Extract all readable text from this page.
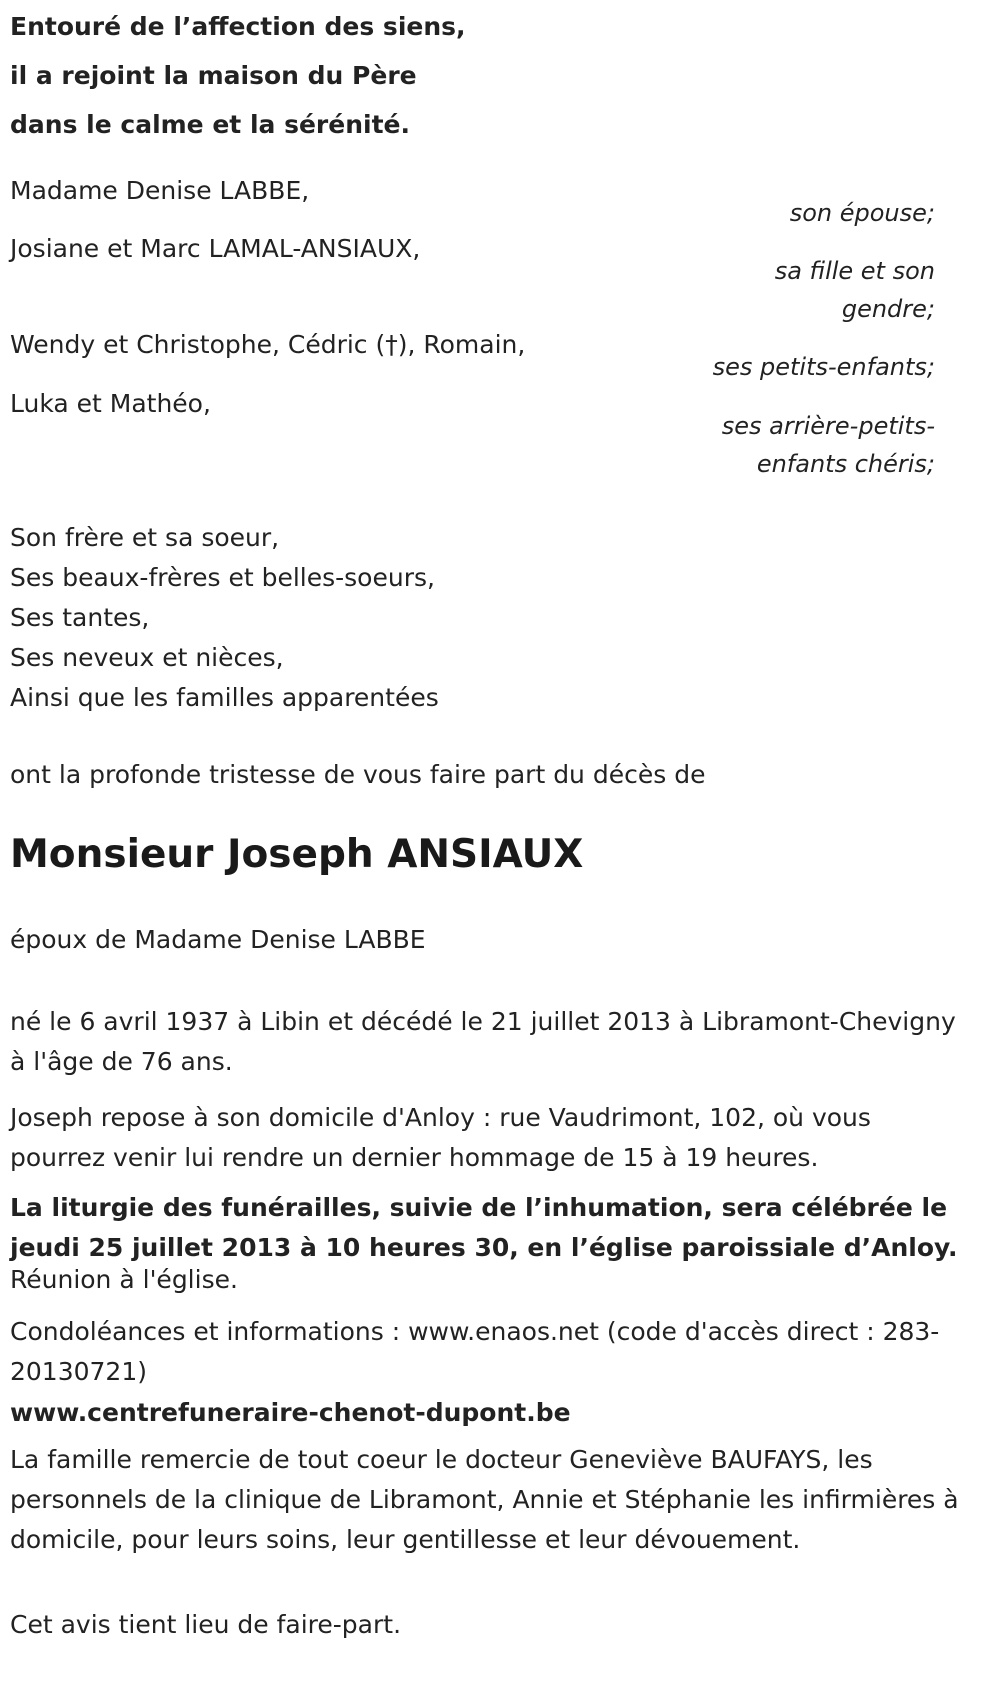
Entouré de l’affection des siens,
il a rejoint la maison du Père
dans le calme et la sérénité.

Madame Denise LABBE,

son épouse;

Josiane et Marc LAMAL-ANSIAUX,

sa fille et son gendre;

Wendy et Christophe, Cédric (†), Romain,

ses petits-enfants;

Luka et Mathéo,

ses arrière-petits-enfants chéris;

Son frère et sa soeur,
Ses beaux-frères et belles-soeurs,
Ses tantes,
Ses neveux et nièces,
Ainsi que les familles apparentées

ont la profonde tristesse de vous faire part du décès de

Monsieur Joseph ANSIAUX

époux de Madame Denise LABBE

né le 6 avril 1937 à Libin et décédé le 21 juillet 2013 à Libramont-Chevigny à l'âge de 76 ans.

Joseph repose à son domicile d'Anloy : rue Vaudrimont, 102, où vous pourrez venir lui rendre un dernier hommage de 15 à 19 heures.

La liturgie des funérailles, suivie de l’inhumation, sera célébrée le jeudi 25 juillet 2013 à 10 heures 30, en l’église paroissiale d’Anloy.

Réunion à l'église.

Condoléances et informations : www.enaos.net (code d'accès direct : 283-20130721)

www.centrefuneraire-chenot-dupont.be

La famille remercie de tout coeur le docteur Geneviève BAUFAYS, les personnels de la clinique de Libramont, Annie et Stéphanie les infirmières à domicile, pour leurs soins, leur gentillesse et leur dévouement.

Cet avis tient lieu de faire-part.
